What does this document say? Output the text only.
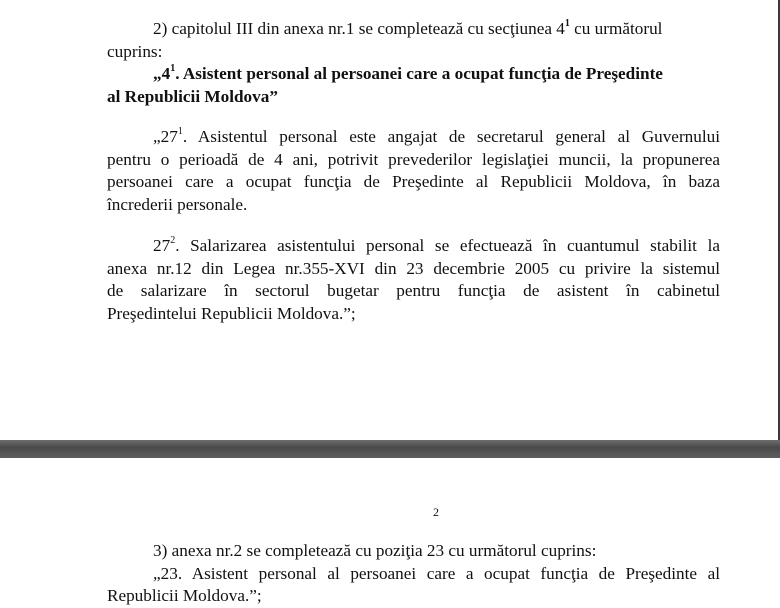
2) capitolul III din anexa nr.1 se completează cu secţiunea $4^1$ cu următorul

cuprins:

$„4^1$. Asistent personal al persoanei care a ocupat funcţia de Preşedinte

al Republicii Moldova”

$„27^1$. Asistentul personal este angajat de secretarul general al Guvernului

pentru o perioadă de 4 ani, potrivit prevederilor legislaţiei muncii, la propunerea

persoanei care a ocupat funcţia de Preşedinte al Republicii Moldova, în baza

încrederii personale.

$27^2$. Salarizarea asistentului personal se efectuează în cuantumul stabilit la

anexa nr.12 din Legea nr.355-XVI din 23 decembrie 2005 cu privire la sistemul

de salarizare în sectorul bugetar pentru funcţia de asistent în cabinetul

Preşedintelui Republicii Moldova.”;

2

3) anexa nr.2 se completează cu poziţia 23 cu următorul cuprins:

„23. Asistent personal al persoanei care a ocupat funcţia de Preşedinte al

Republicii Moldova.”;
